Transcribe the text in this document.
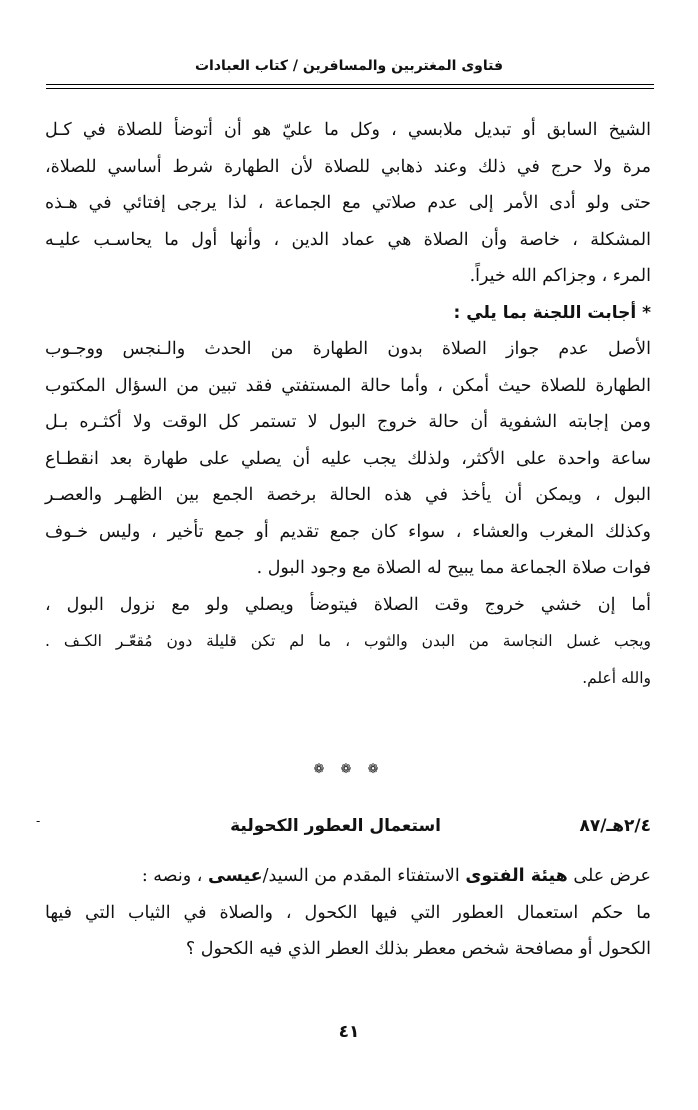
فتاوى المغتربين والمسافرين / كتاب العبادات

الشيخ السابق أو تبديل ملابسي ، وكل ما عليّ هو أن أتوضأ للصلاة في كـل

مرة ولا حرج في ذلك وعند ذهابي للصلاة لأن الطهارة شرط أساسي للصلاة،

حتى ولو أدى الأمر إلى عدم صلاتي مع الجماعة ، لذا يرجى إفتائي في هـذه

المشكلة ، خاصة وأن الصلاة هي عماد الدين ، وأنها أول ما يحاسـب عليـه

المرء ، وجزاكم الله خيراً.

* أجابت اللجنة بما يلي :

الأصل عدم جواز الصلاة بدون الطهارة من الحدث والـنجس ووجـوب

الطهارة للصلاة حيث أمكن ، وأما حالة المستفتي فقد تبين من السؤال المكتوب

ومن إجابته الشفوية أن حالة خروج البول لا تستمر كل الوقت ولا أكثـره بـل

ساعة واحدة على الأكثر، ولذلك يجب عليه أن يصلي على طهارة بعد انقطـاع

البول ، ويمكن أن يأخذ في هذه الحالة برخصة الجمع بين الظهـر والعصـر

وكذلك المغرب والعشاء ، سواء كان جمع تقديم أو جمع تأخير ، وليس خـوف

فوات صلاة الجماعة مما يبيح له الصلاة مع وجود البول .

أما إن خشي خروج وقت الصلاة فيتوضأ ويصلي ولو مع نزول البول ،

ويجب غسل النجاسة من البدن والثوب ، ما لم تكن قليلة دون مُقعّـر الكـف .

والله أعلم.

❁ ❁ ❁
-	٢/٤هـ/٨٧
استعمال العطور الكحولية

عرض على هيئة الفتوى الاستفتاء المقدم من السيد/عيسى ، ونصه :

ما حكم استعمال العطور التي فيها الكحول ، والصلاة في الثياب التي فيها

الكحول أو مصافحة شخص معطر بذلك العطر الذي فيه الكحول ؟

٤١
